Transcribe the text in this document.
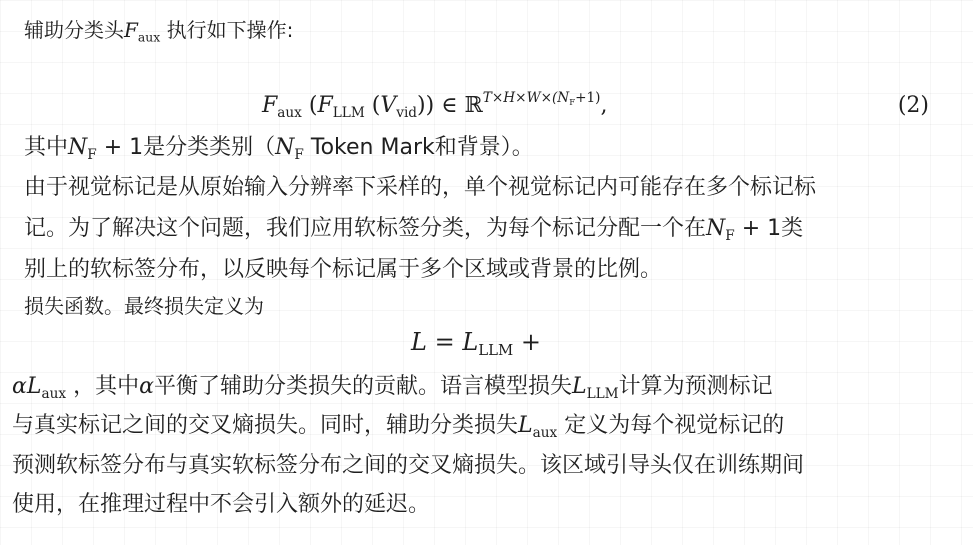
辅助分类头$F_{aux}$ 执行如下操作:
$F_{aux}$ ($F_{LLM}$ $(V_{vid})$) ∈ ℝ$^{T\times H\times W\times(N_F+1)}$,	(2)
其中$N_F + 1$是分类类别（$N_F$ Token Mark和背景）。
由于视觉标记是从原始输入分辨率下采样的，单个视觉标记内可能存在多个标记标
记。为了解决这个问题，我们应用软标签分类，为每个标记分配一个在$N_F + 1$类
别上的软标签分布，以反映每个标记属于多个区域或背景的比例。
损失函数。最终损失定义为
$L = L_{LLM}$ +
$\alpha L_{aux}$ ，其中α平衡了辅助分类损失的贡献。语言模型损失$L_{LLM}$计算为预测标记
与真实标记之间的交叉熵损失。同时，辅助分类损失$L_{aux}$ 定义为每个视觉标记的
预测软标签分布与真实软标签分布之间的交叉熵损失。该区域引导头仅在训练期间
使用，在推理过程中不会引入额外的延迟。
